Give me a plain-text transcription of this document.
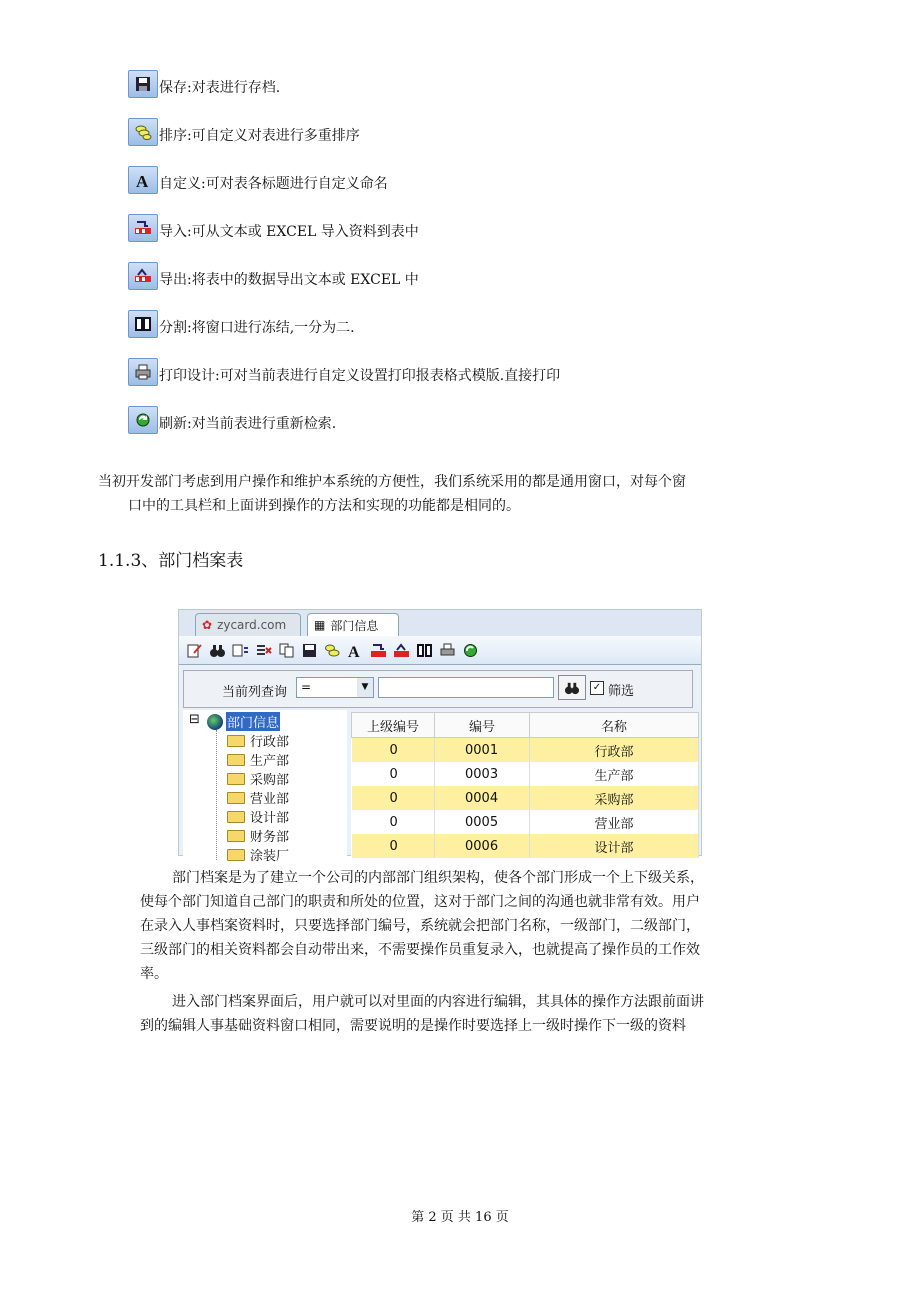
保存:对表进行存档.
排序:可自定义对表进行多重排序
A 自定义:可对表各标题进行自定义命名
导入:可从文本或 EXCEL 导入资料到表中
导出:将表中的数据导出文本或 EXCEL 中
分割:将窗口进行冻结,一分为二.
打印设计:可对当前表进行自定义设置打印报表格式模版.直接打印
刷新:对当前表进行重新检索.
当初开发部门考虑到用户操作和维护本系统的方便性，我们系统采用的都是通用窗口，对每个窗
口中的工具栏和上面讲到操作的方法和实现的功能都是相同的。
1.1.3、部门档案表
✿ zycard.com ▦ 部门信息
A
当前列查询	=	▼	✓ 筛选
⊟ 部门信息
行政部
生产部
采购部
营业部
设计部
财务部
涂装厂
上级编号	编号	名称
0	0001	行政部
0	0003	生产部
0	0004	采购部
0	0005	营业部
0	0006	设计部
部门档案是为了建立一个公司的内部部门组织架构，使各个部门形成一个上下级关系，
使每个部门知道自己部门的职责和所处的位置，这对于部门之间的沟通也就非常有效。用户
在录入人事档案资料时，只要选择部门编号，系统就会把部门名称，一级部门，二级部门，
三级部门的相关资料都会自动带出来，不需要操作员重复录入，也就提高了操作员的工作效
率。
进入部门档案界面后，用户就可以对里面的内容进行编辑，其具体的操作方法跟前面讲
到的编辑人事基础资料窗口相同，需要说明的是操作时要选择上一级时操作下一级的资料
第 2 页 共 16 页
